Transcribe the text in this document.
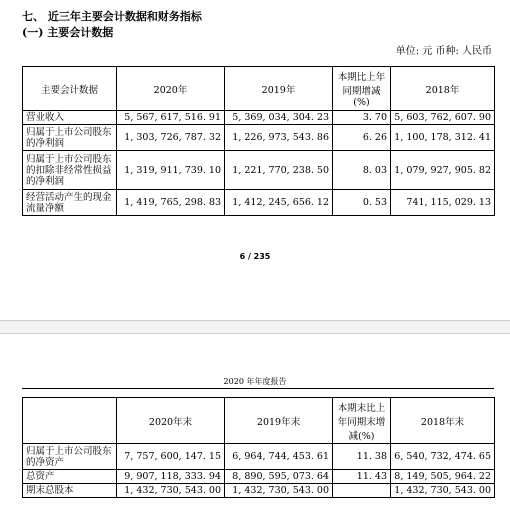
七、 近三年主要会计数据和财务指标
(一) 主要会计数据
单位: 元 币种: 人民币
主要会计数据	2020年	2019年	本期比上年同期增减(%)	2018年
营业收入	5, 567, 617, 516. 91	5, 369, 034, 304. 23	3. 70	5, 603, 762, 607. 90
归属于上市公司股东的净利润	1, 303, 726, 787. 32	1, 226, 973, 543. 86	6. 26	1, 100, 178, 312. 41
归属于上市公司股东的扣除非经常性损益的净利润	1, 319, 911, 739. 10	1, 221, 770, 238. 50	8. 03	1, 079, 927, 905. 82
经营活动产生的现金流量净额	1, 419, 765, 298. 83	1, 412, 245, 656. 12	0. 53	741, 115, 029. 13
6 / 235
2020 年年度报告
	2020年末	2019年末	本期末比上年同期末增减(%)	2018年末
归属于上市公司股东的净资产	7, 757, 600, 147. 15	6, 964, 744, 453. 61	11. 38	6, 540, 732, 474. 65
总资产	9, 907, 118, 333. 94	8, 890, 595, 073. 64	11. 43	8, 149, 505, 964. 22
期末总股本	1, 432, 730, 543. 00	1, 432, 730, 543. 00		1, 432, 730, 543. 00
